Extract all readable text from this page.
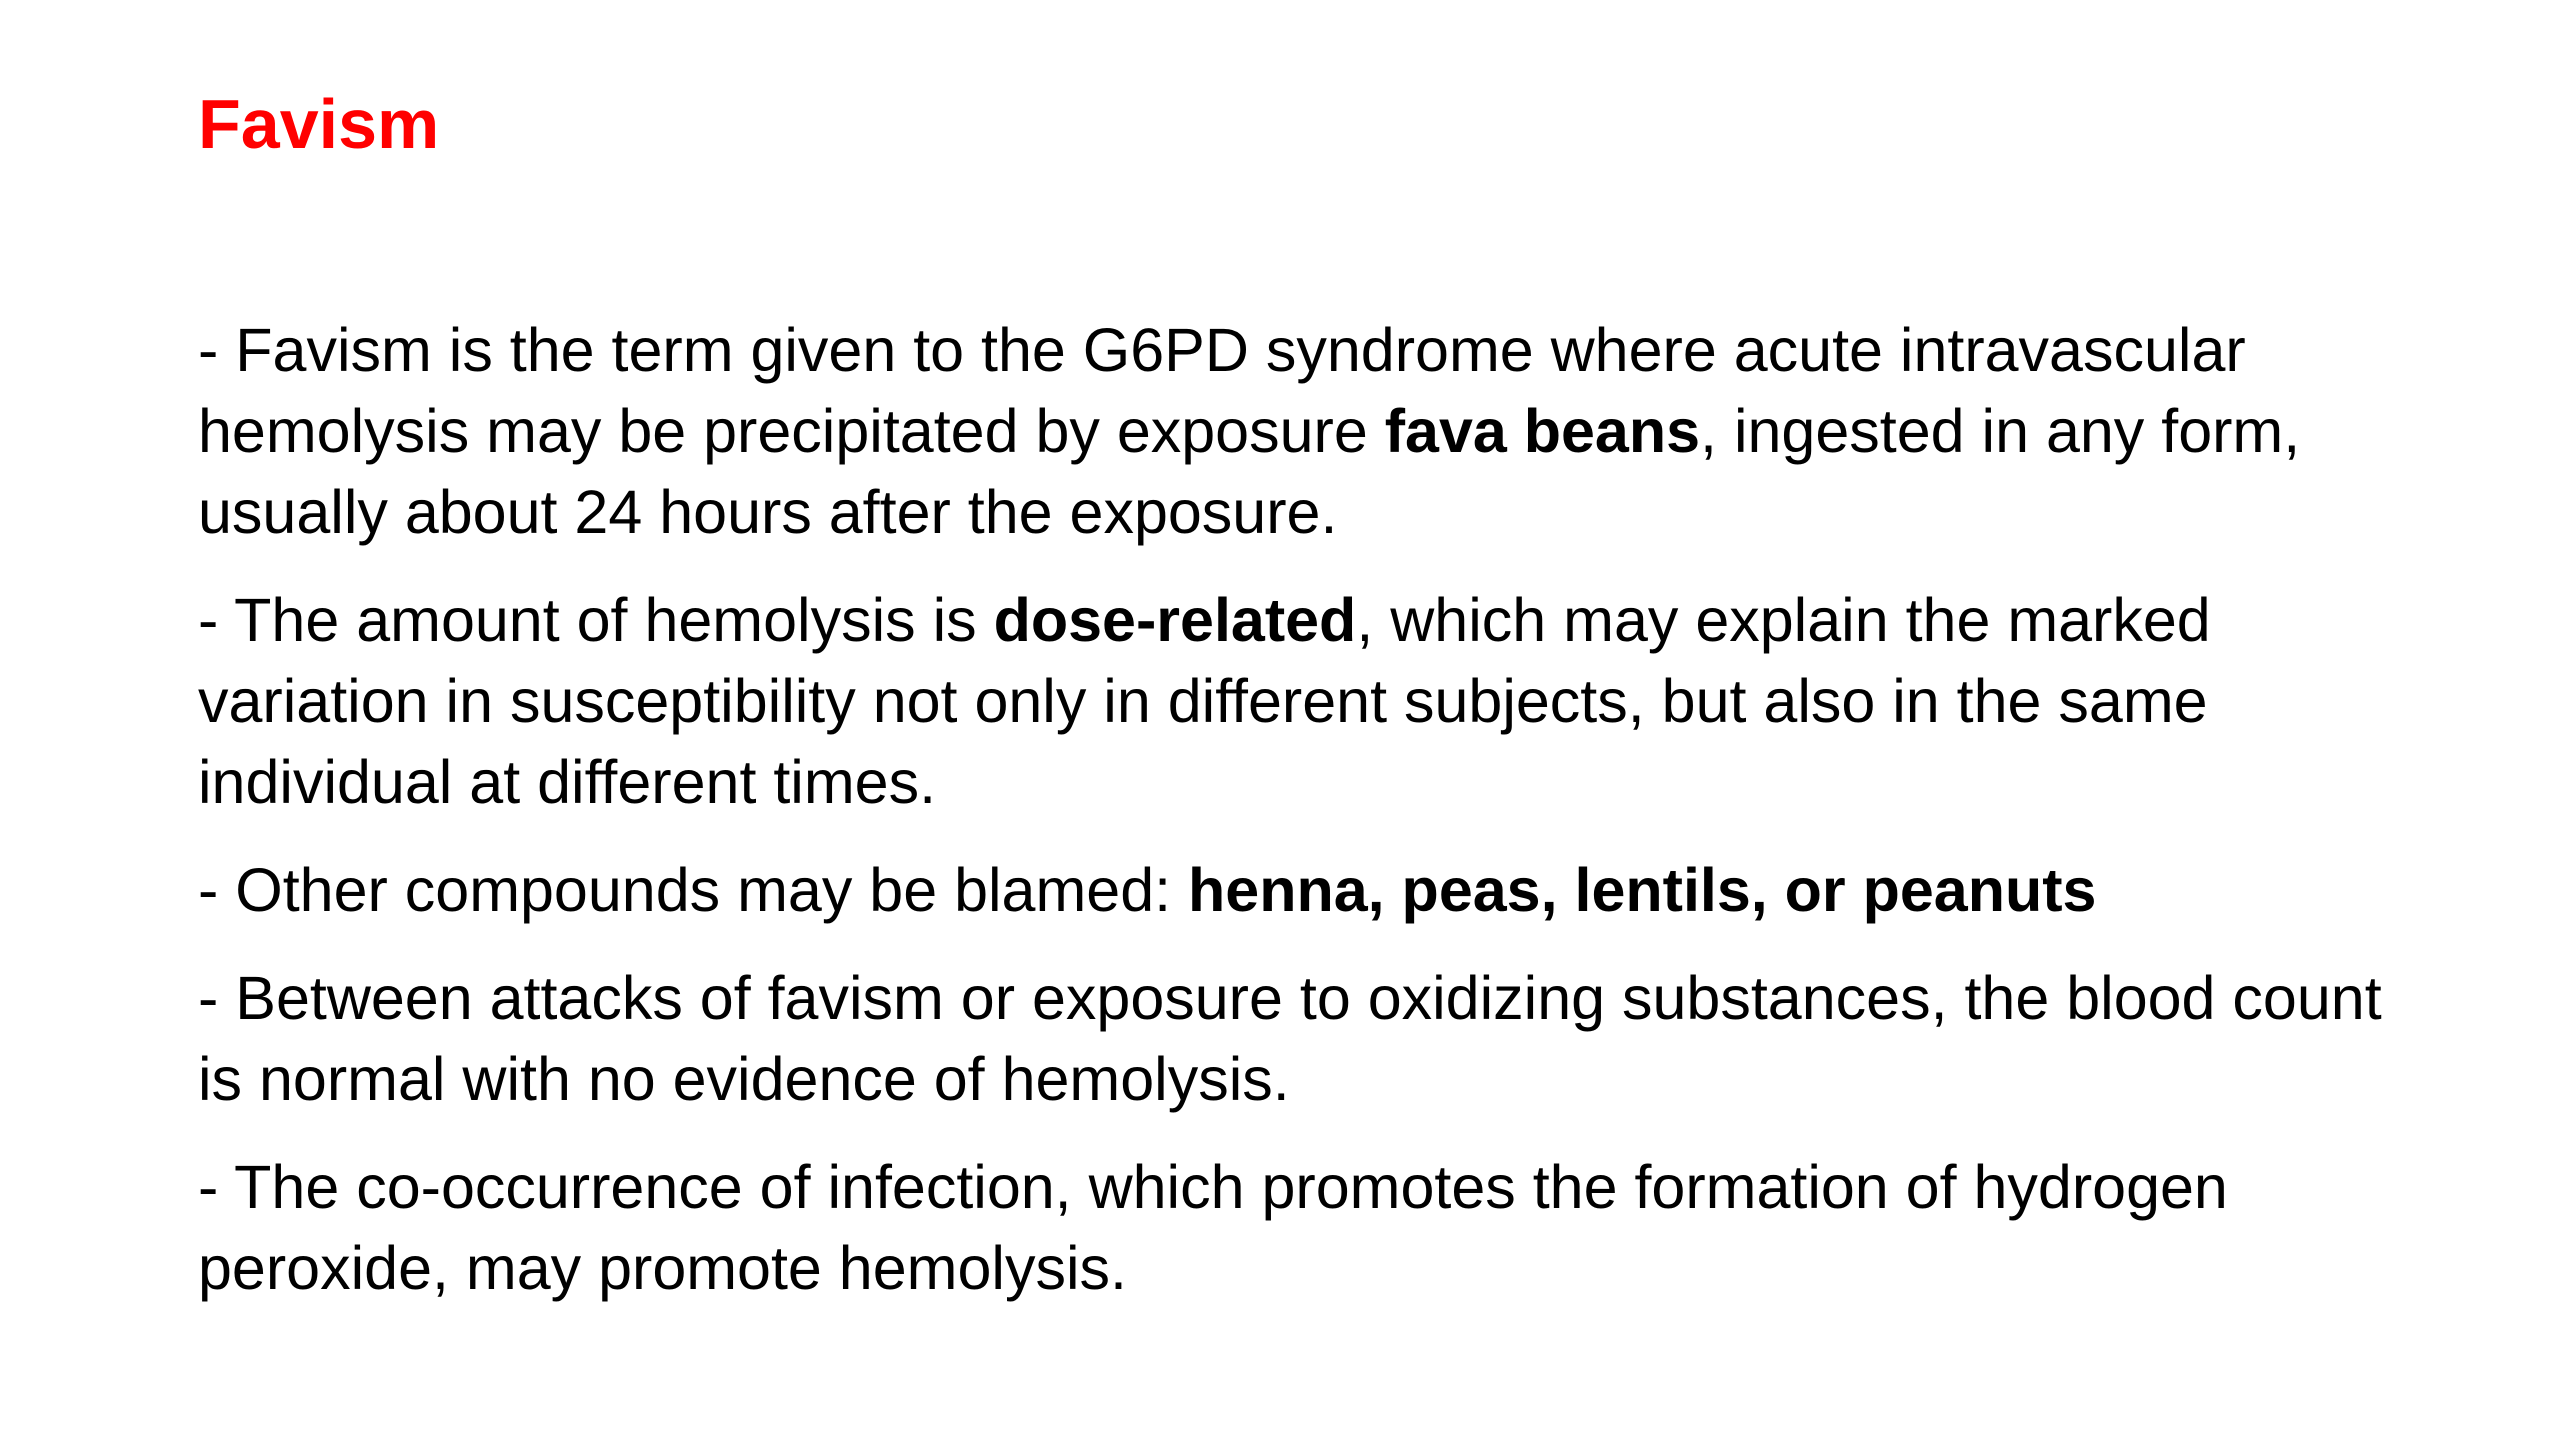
Favism

- Favism is the term given to the G6PD syndrome where acute intravascular hemolysis may be precipitated by exposure fava beans, ingested in any form, usually about 24 hours after the exposure.

- The amount of hemolysis is dose-related, which may explain the marked variation in susceptibility not only in different subjects, but also in the same individual at different times.

- Other compounds may be blamed: henna, peas, lentils, or peanuts

- Between attacks of favism or exposure to oxidizing substances, the blood count is normal with no evidence of hemolysis.

- The co-occurrence of infection, which promotes the formation of hydrogen peroxide, may promote hemolysis.
